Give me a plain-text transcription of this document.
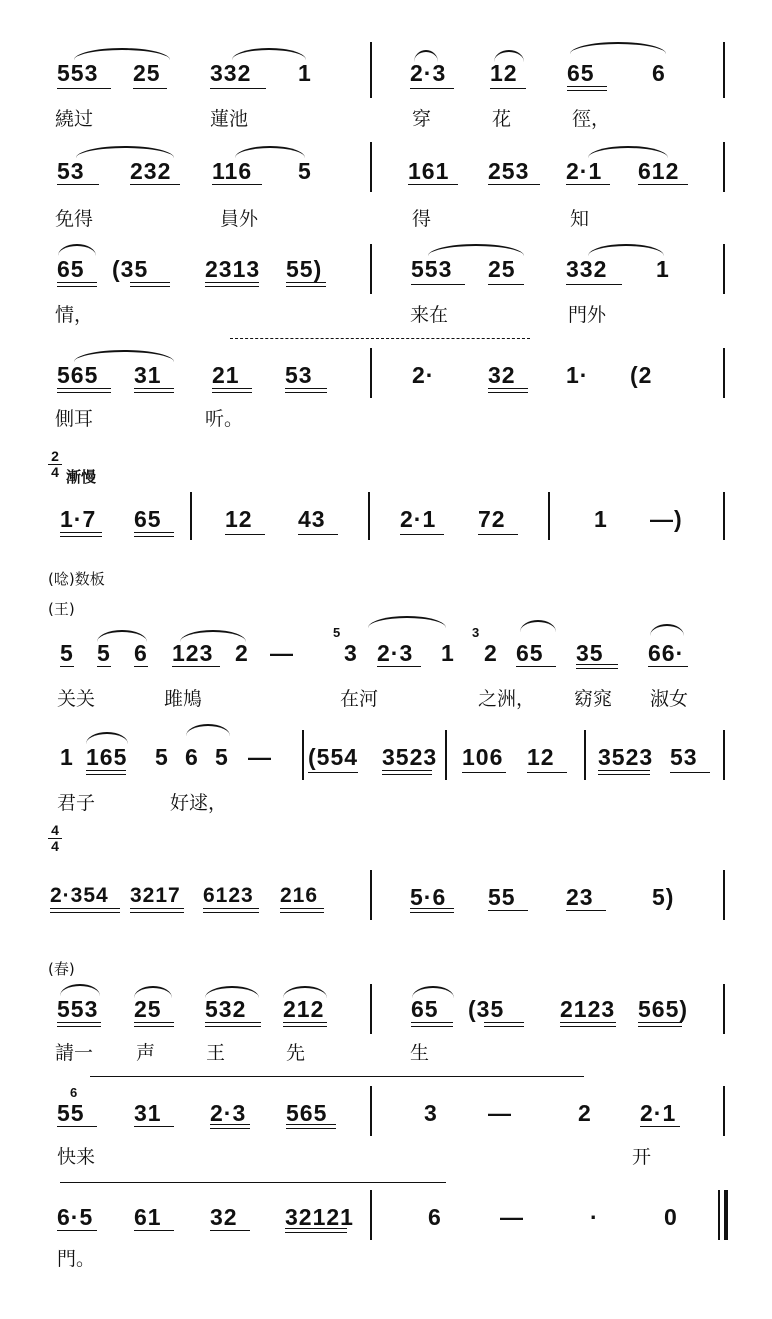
553 25 332 1	2·3 12 65 6
繞过	蓮池	穿	花	徑，
53 232 116 5	161 253 2·1 612
免得	員外	得	知
65 (35 2313 55)	553 25 332 1
情，	来在	門外
565 31 21 53	2· 32 1· (2
側耳	听。
2
4 漸慢
1·7 65	12 43	2·1 72	1 —)
(唸)数板
(王)
5 5 6 123 2 — 3 2·3 1 2 65 35 66·
5	3
关关	雎鳩	在河	之洲， 窈窕 淑女
1 165 5 6 5 — (554 3523 106 12 3523 53
君子	好逑，
4
4
2·354 3217 6123 216	5·6 55 23	5)
(春)
553 25 532 212	65 (35 2123 565)
請一 声	王	先	生
6
55 31 2·3 565	3 —	2 2·1
快来	开
6·5 61 32 32121	6	—	·	0
門。
